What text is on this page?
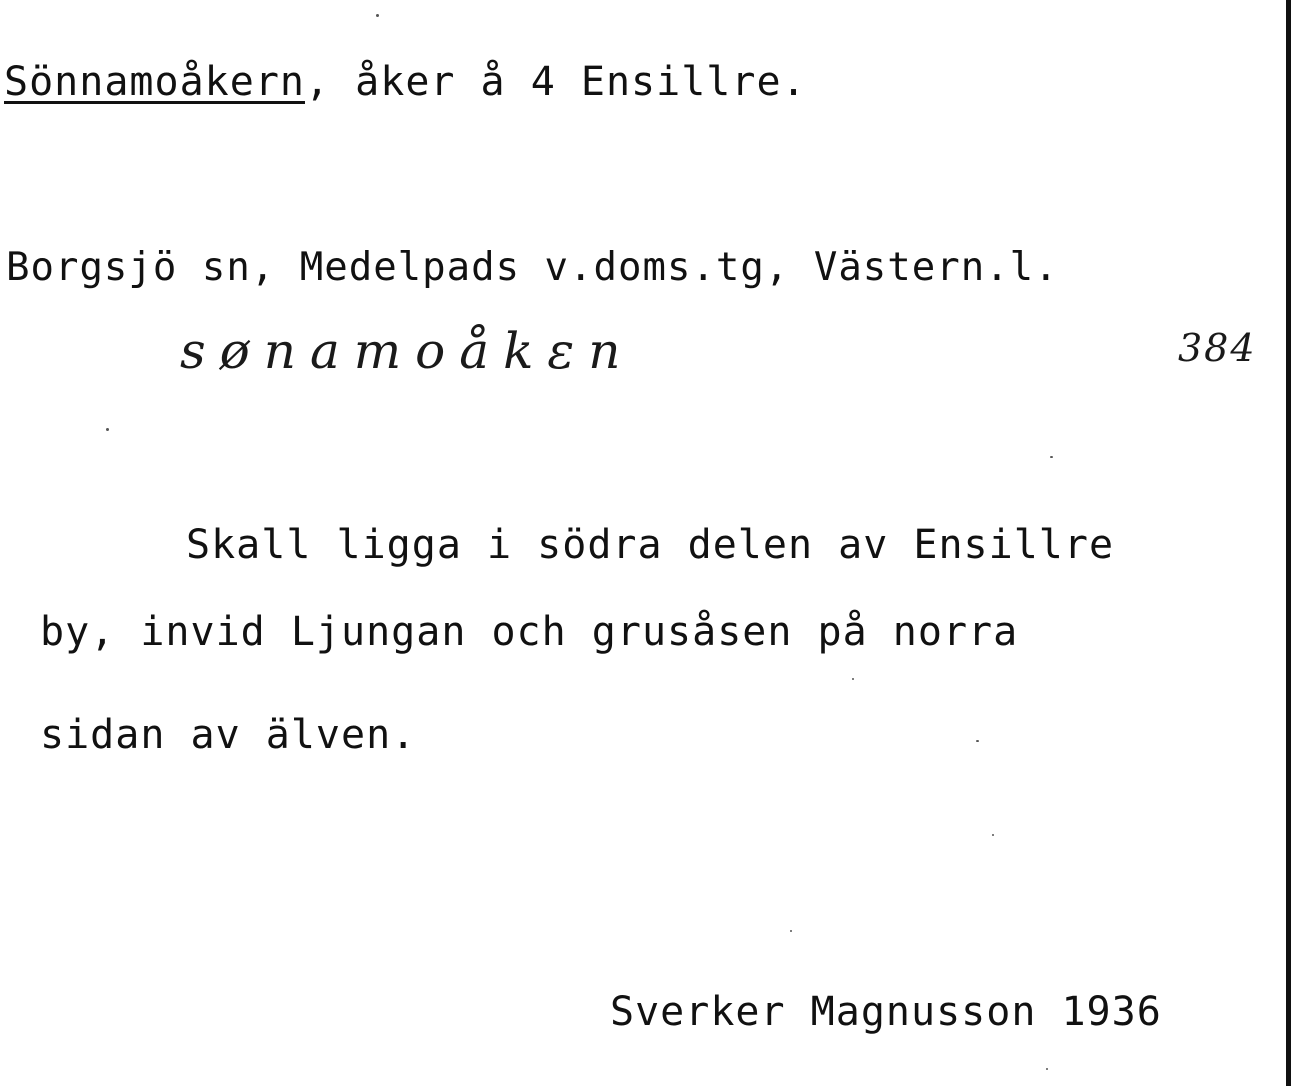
Sönnamoåkern, åker å 4 Ensillre.
Borgsjö sn, Medelpads v.doms.tg, Västern.l.
sønamoåkɛn	384
Skall ligga i södra delen av Ensillre
by, invid Ljungan och grusåsen på norra
sidan av älven.
Sverker Magnusson 1936
